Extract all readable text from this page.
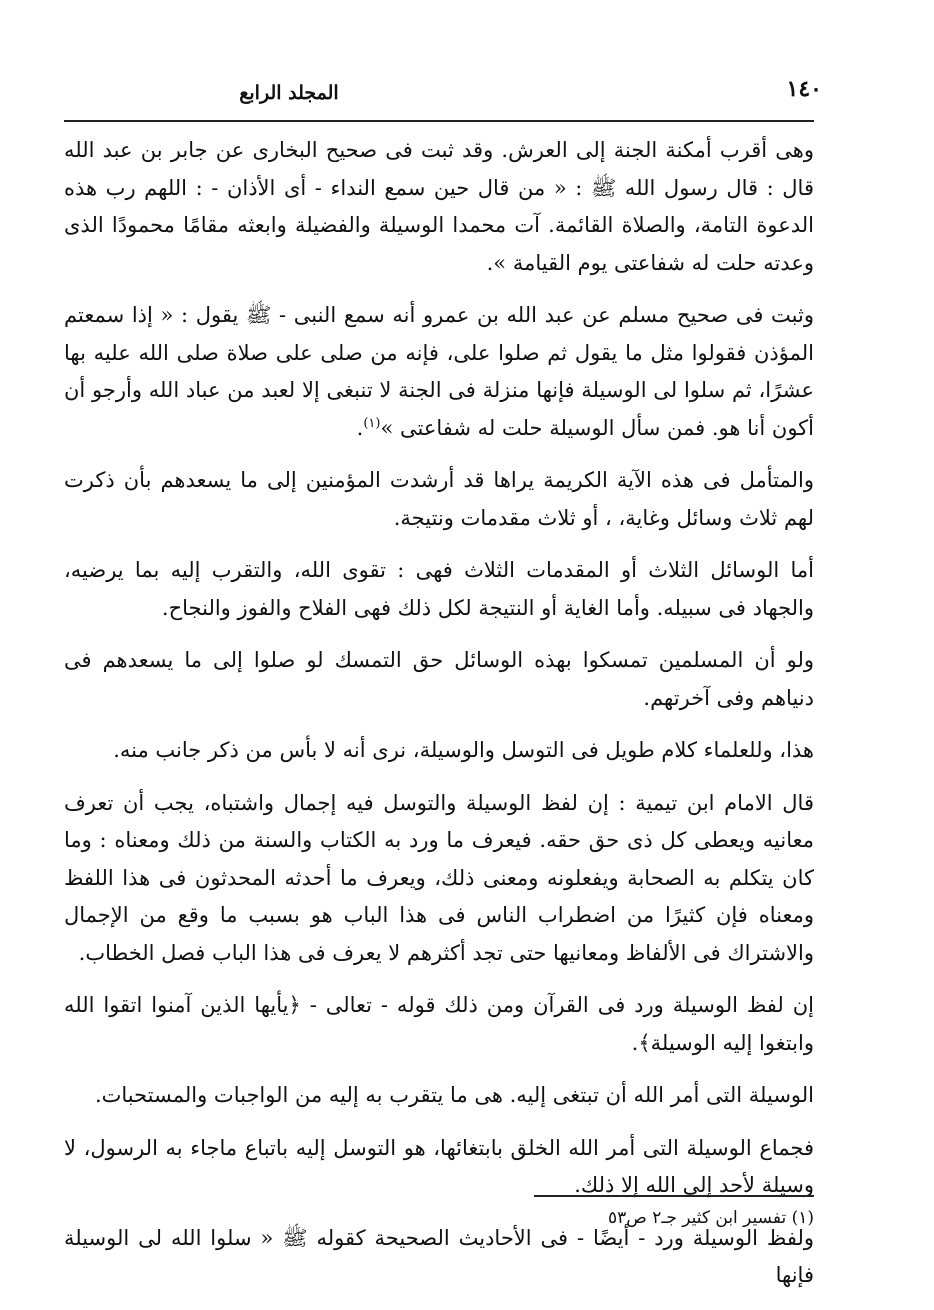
١٤٠
المجلد الرابع

وهى أقرب أمكنة الجنة إلى العرش. وقد ثبت فى صحيح البخارى عن جابر بن عبد الله قال : قال رسول الله ﷺ : « من قال حين سمع النداء - أى الأذان - : اللهم رب هذه الدعوة التامة، والصلاة القائمة. آت محمدا الوسيلة والفضيلة وابعثه مقامًا محمودًا الذى وعدته حلت له شفاعتى يوم القيامة ».

وثبت فى صحيح مسلم عن عبد الله بن عمرو أنه سمع النبى - ﷺ يقول : « إذا سمعتم المؤذن فقولوا مثل ما يقول ثم صلوا على، فإنه من صلى على صلاة صلى الله عليه بها عشرًا، ثم سلوا لى الوسيلة فإنها منزلة فى الجنة لا تنبغى إلا لعبد من عباد الله وأرجو أن أكون أنا هو. فمن سأل الوسيلة حلت له شفاعتى »$^{(١)}$.

والمتأمل فى هذه الآية الكريمة يراها قد أرشدت المؤمنين إلى ما يسعدهم بأن ذكرت لهم ثلاث وسائل وغاية، ، أو ثلاث مقدمات ونتيجة.

أما الوسائل الثلاث أو المقدمات الثلاث فهى : تقوى الله، والتقرب إليه بما يرضيه، والجهاد فى سبيله. وأما الغاية أو النتيجة لكل ذلك فهى الفلاح والفوز والنجاح.

ولو أن المسلمين تمسكوا بهذه الوسائل حق التمسك لو صلوا إلى ما يسعدهم فى دنياهم وفى آخرتهم.

هذا، وللعلماء كلام طويل فى التوسل والوسيلة، نرى أنه لا بأس من ذكر جانب منه.

قال الامام ابن تيمية : إن لفظ الوسيلة والتوسل فيه إجمال واشتباه، يجب أن تعرف معانيه ويعطى كل ذى حق حقه. فيعرف ما ورد به الكتاب والسنة من ذلك ومعناه : وما كان يتكلم به الصحابة ويفعلونه ومعنى ذلك، ويعرف ما أحدثه المحدثون فى هذا اللفظ ومعناه فإن كثيرًا من اضطراب الناس فى هذا الباب هو بسبب ما وقع من الإجمال والاشتراك فى الألفاظ ومعانيها حتى تجد أكثرهم لا يعرف فى هذا الباب فصل الخطاب.

إن لفظ الوسيلة ورد فى القرآن ومن ذلك قوله - تعالى - ﴿يأيها الذين آمنوا اتقوا الله وابتغوا إليه الوسيلة﴾.

الوسيلة التى أمر الله أن تبتغى إليه. هى ما يتقرب به إليه من الواجبات والمستحبات.

فجماع الوسيلة التى أمر الله الخلق بابتغائها، هو التوسل إليه باتباع ماجاء به الرسول، لا وسيلة لأحد إلى الله إلا ذلك.

ولفظ الوسيلة ورد - أيضًا - فى الأحاديث الصحيحة كقوله ﷺ « سلوا الله لى الوسيلة فإنها

(١) تفسير ابن كثير جـ٢ ص٥٣
